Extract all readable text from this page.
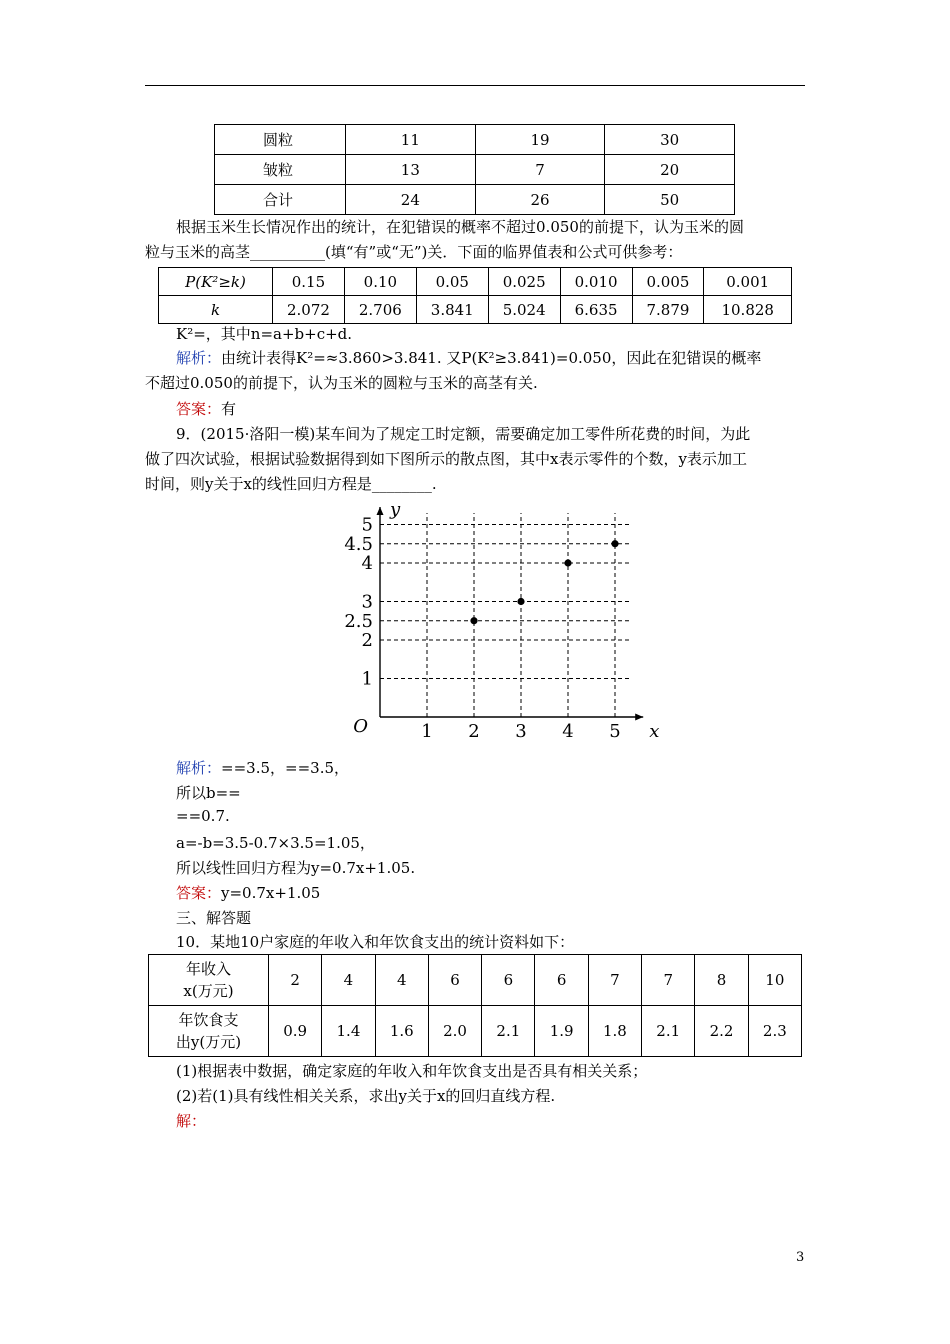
圆粒	11	19	30
皱粒	13	7	20
合计	24	26	50
根据玉米生长情况作出的统计，在犯错误的概率不超过0.050的前提下，认为玉米的圆
粒与玉米的高茎__________(填“有”或“无”)关．下面的临界值表和公式可供参考：
P(K²≥k)	0.15	0.10	0.05	0.025	0.010	0.005	0.001
k	2.072	2.706	3.841	5.024	6.635	7.879	10.828
K²=，其中n=a+b+c+d.
解析：由统计表得K²=≈3.860>3.841. 又P(K²≥3.841)=0.050，因此在犯错误的概率
不超过0.050的前提下，认为玉米的圆粒与玉米的高茎有关.
答案：有
9．(2015·洛阳一模)某车间为了规定工时定额，需要确定加工零件所花费的时间，为此
做了四次试验，根据试验数据得到如下图所示的散点图，其中x表示零件的个数，y表示加工
时间，则y关于x的线性回归方程是________.
1 2 3 4 5
1
2
2.5
3
4
4.5
5
O	x
y
解析：==3.5，==3.5，
所以b==
==0.7.
a=-b=3.5-0.7×3.5=1.05，
所以线性回归方程为y=0.7x+1.05.
答案：y=0.7x+1.05
三、解答题
10．某地10户家庭的年收入和年饮食支出的统计资料如下：
年收入
x(万元)	2	4	4	6	6	6	7	7	8	10
年饮食支
出y(万元)	0.9	1.4	1.6	2.0	2.1	1.9	1.8	2.1	2.2	2.3
(1)根据表中数据，确定家庭的年收入和年饮食支出是否具有相关关系；
(2)若(1)具有线性相关关系，求出y关于x的回归直线方程.
解：
3
